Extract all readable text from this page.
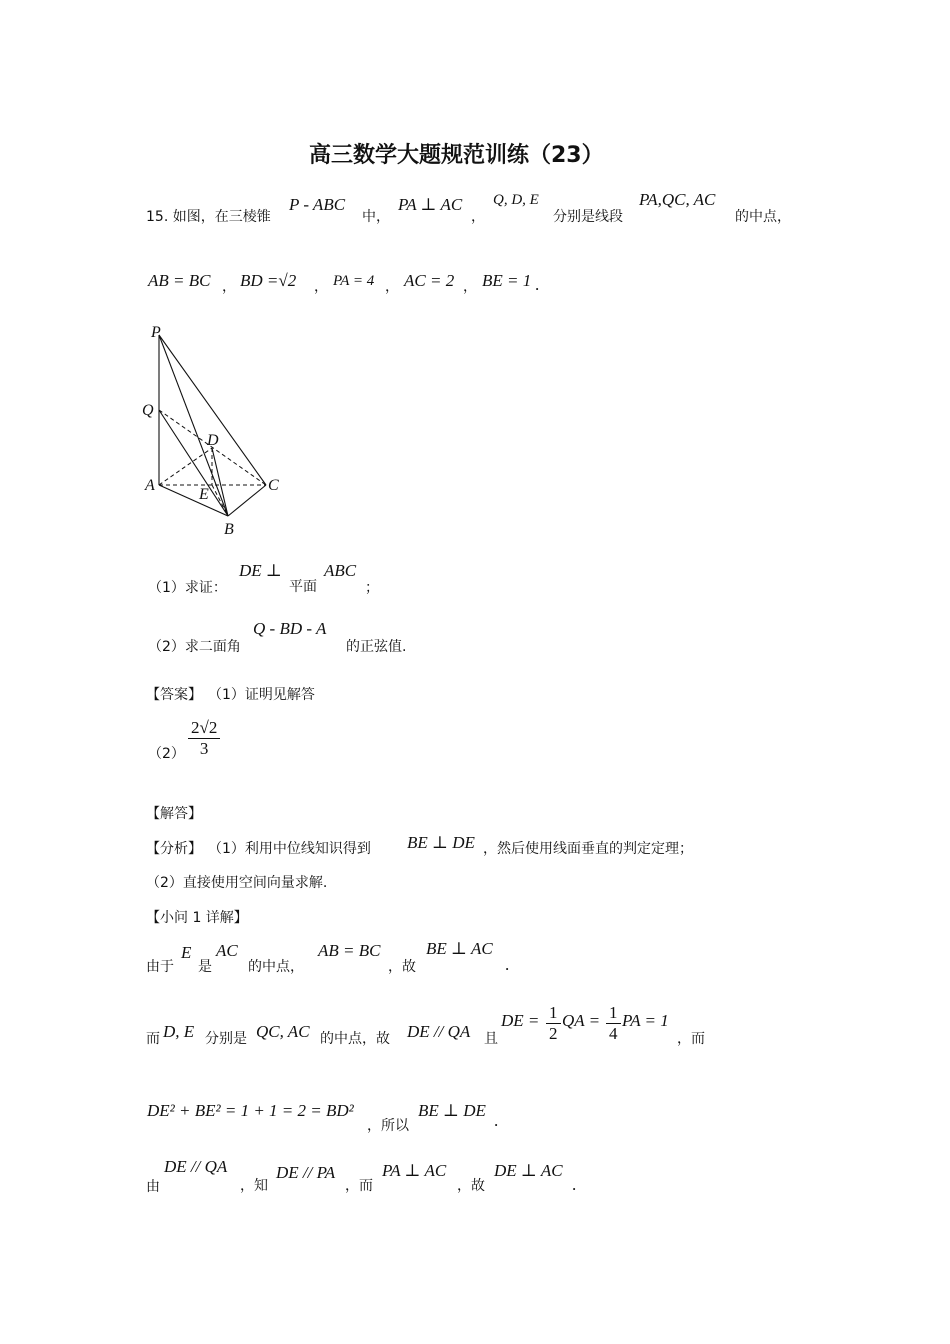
高三数学大题规范训练（23）
15. 如图，在三棱锥
P - ABC
中，
PA ⊥ AC
，
Q, D, E
分别是线段
PA,QC, AC
的中点，
AB = BC ， BD =√2 ， PA = 4 ， AC = 2 ， BE = 1 .
P
Q
D
A
E
C
B
（1）求证：
DE ⊥
平面
ABC
；
（2）求二面角
Q - BD - A
的正弦值.
【答案】 （1）证明见解答
$(2) \frac{2√2}{3}$
【解答】
【分析】 （1）利用中位线知识得到 BE ⊥ DE ，然后使用线面垂直的判定定理；
（2）直接使用空间向量求解.
【小问 1 详解】
由于
E
是
AC
的中点，
AB = BC
，故
BE ⊥ AC
.
而 D, E 分别是 QC, AC 的中点，故 DE // QA 且
DE = $\frac{1}{2}$ QA = $\frac{1}{4}$ PA = 1
，而
DE² + BE² = 1 + 1 = 2 = BD²
，所以
BE ⊥ DE
.
由
DE // QA
，知
DE // PA
，而
PA ⊥ AC
，故
DE ⊥ AC
.
